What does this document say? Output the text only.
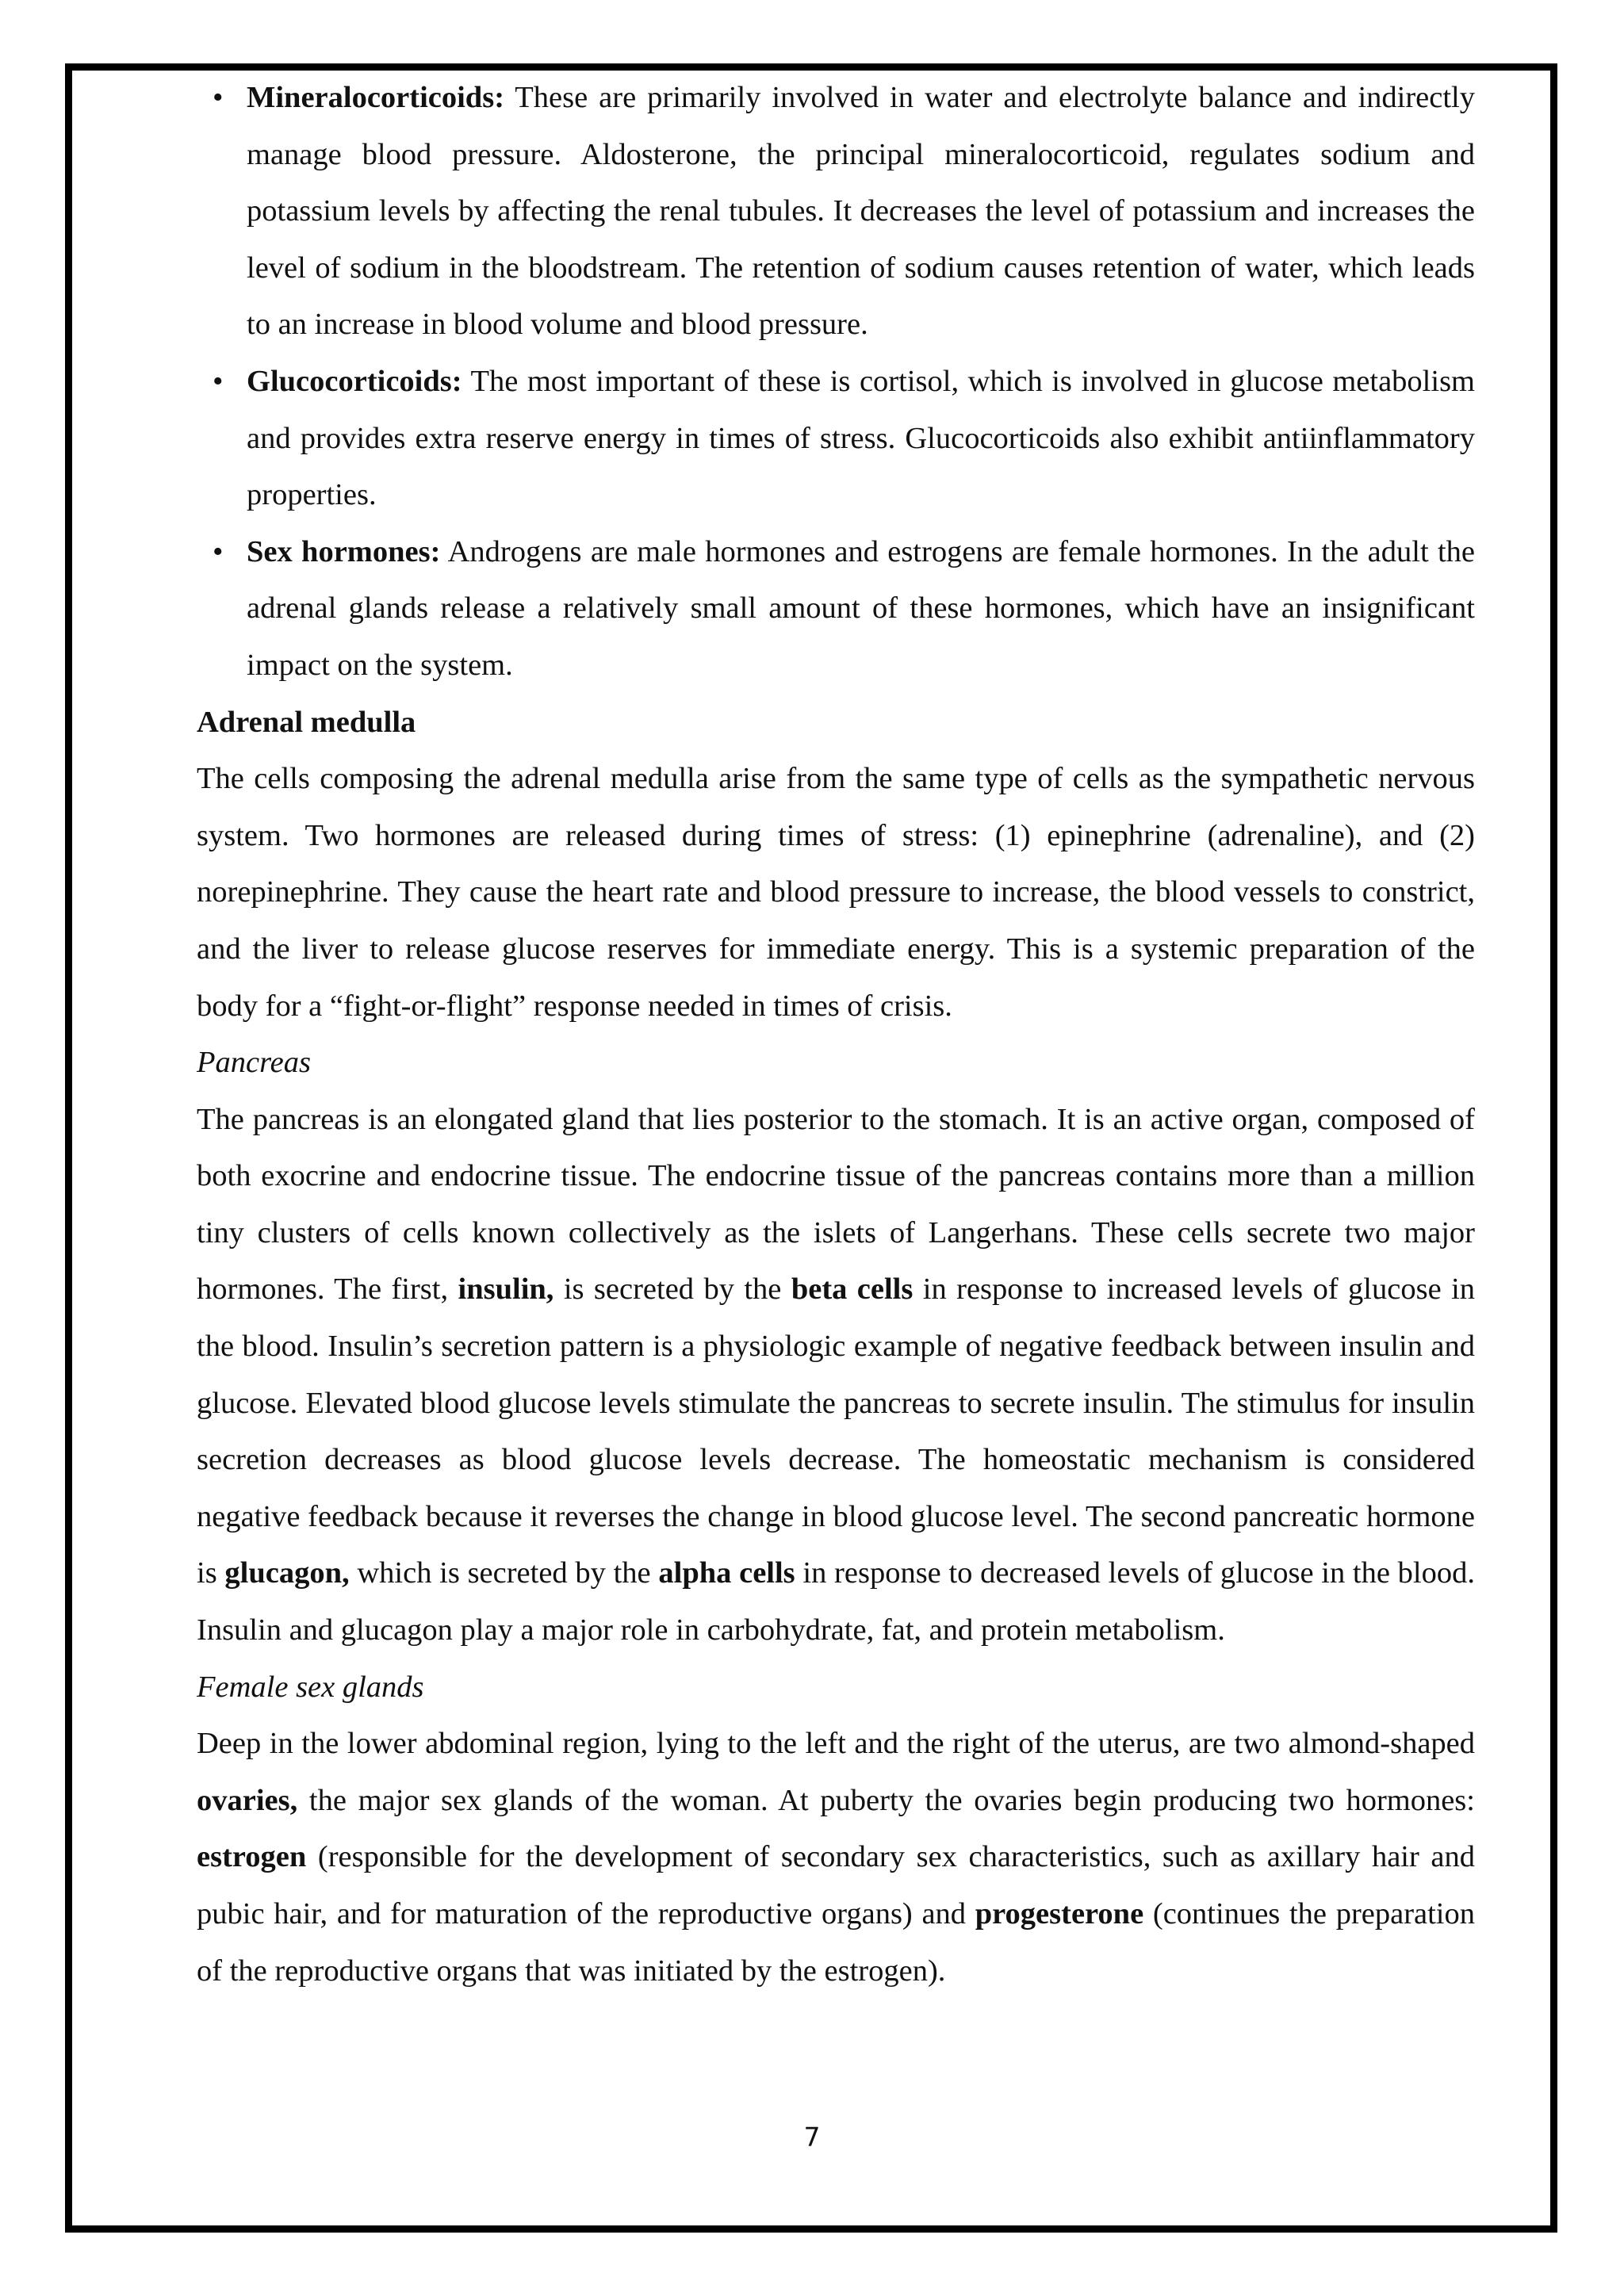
• Mineralocorticoids: These are primarily involved in water and electrolyte balance and indirectly manage blood pressure. Aldosterone, the principal mineralocorticoid, regulates sodium and potassium levels by affecting the renal tubules. It decreases the level of potassium and increases the level of sodium in the bloodstream. The retention of sodium causes retention of water, which leads to an increase in blood volume and blood pressure.
• Glucocorticoids: The most important of these is cortisol, which is involved in glucose metabolism and provides extra reserve energy in times of stress. Glucocorticoids also exhibit antiinflammatory properties.
• Sex hormones: Androgens are male hormones and estrogens are female hormones. In the adult the adrenal glands release a relatively small amount of these hormones, which have an insignificant impact on the system.
Adrenal medulla

The cells composing the adrenal medulla arise from the same type of cells as the sympathetic nervous system. Two hormones are released during times of stress: (1) epinephrine (adrenaline), and (2) norepinephrine. They cause the heart rate and blood pressure to increase, the blood vessels to constrict, and the liver to release glucose reserves for immediate energy. This is a systemic preparation of the body for a “fight-or-flight” response needed in times of crisis.

Pancreas

The pancreas is an elongated gland that lies posterior to the stomach. It is an active organ, composed of both exocrine and endocrine tissue. The endocrine tissue of the pancreas contains more than a million tiny clusters of cells known collectively as the islets of Langerhans. These cells secrete two major hormones. The first, insulin, is secreted by the beta cells in response to increased levels of glucose in the blood. Insulin’s secretion pattern is a physiologic example of negative feedback between insulin and glucose. Elevated blood glucose levels stimulate the pancreas to secrete insulin. The stimulus for insulin secretion decreases as blood glucose levels decrease. The homeostatic mechanism is considered negative feedback because it reverses the change in blood glucose level. The second pancreatic hormone is glucagon, which is secreted by the alpha cells in response to decreased levels of glucose in the blood. Insulin and glucagon play a major role in carbohydrate, fat, and protein metabolism.

Female sex glands

Deep in the lower abdominal region, lying to the left and the right of the uterus, are two almond-shaped ovaries, the major sex glands of the woman. At puberty the ovaries begin producing two hormones: estrogen (responsible for the development of secondary sex characteristics, such as axillary hair and pubic hair, and for maturation of the reproductive organs) and progesterone (continues the preparation of the reproductive organs that was initiated by the estrogen).

7
